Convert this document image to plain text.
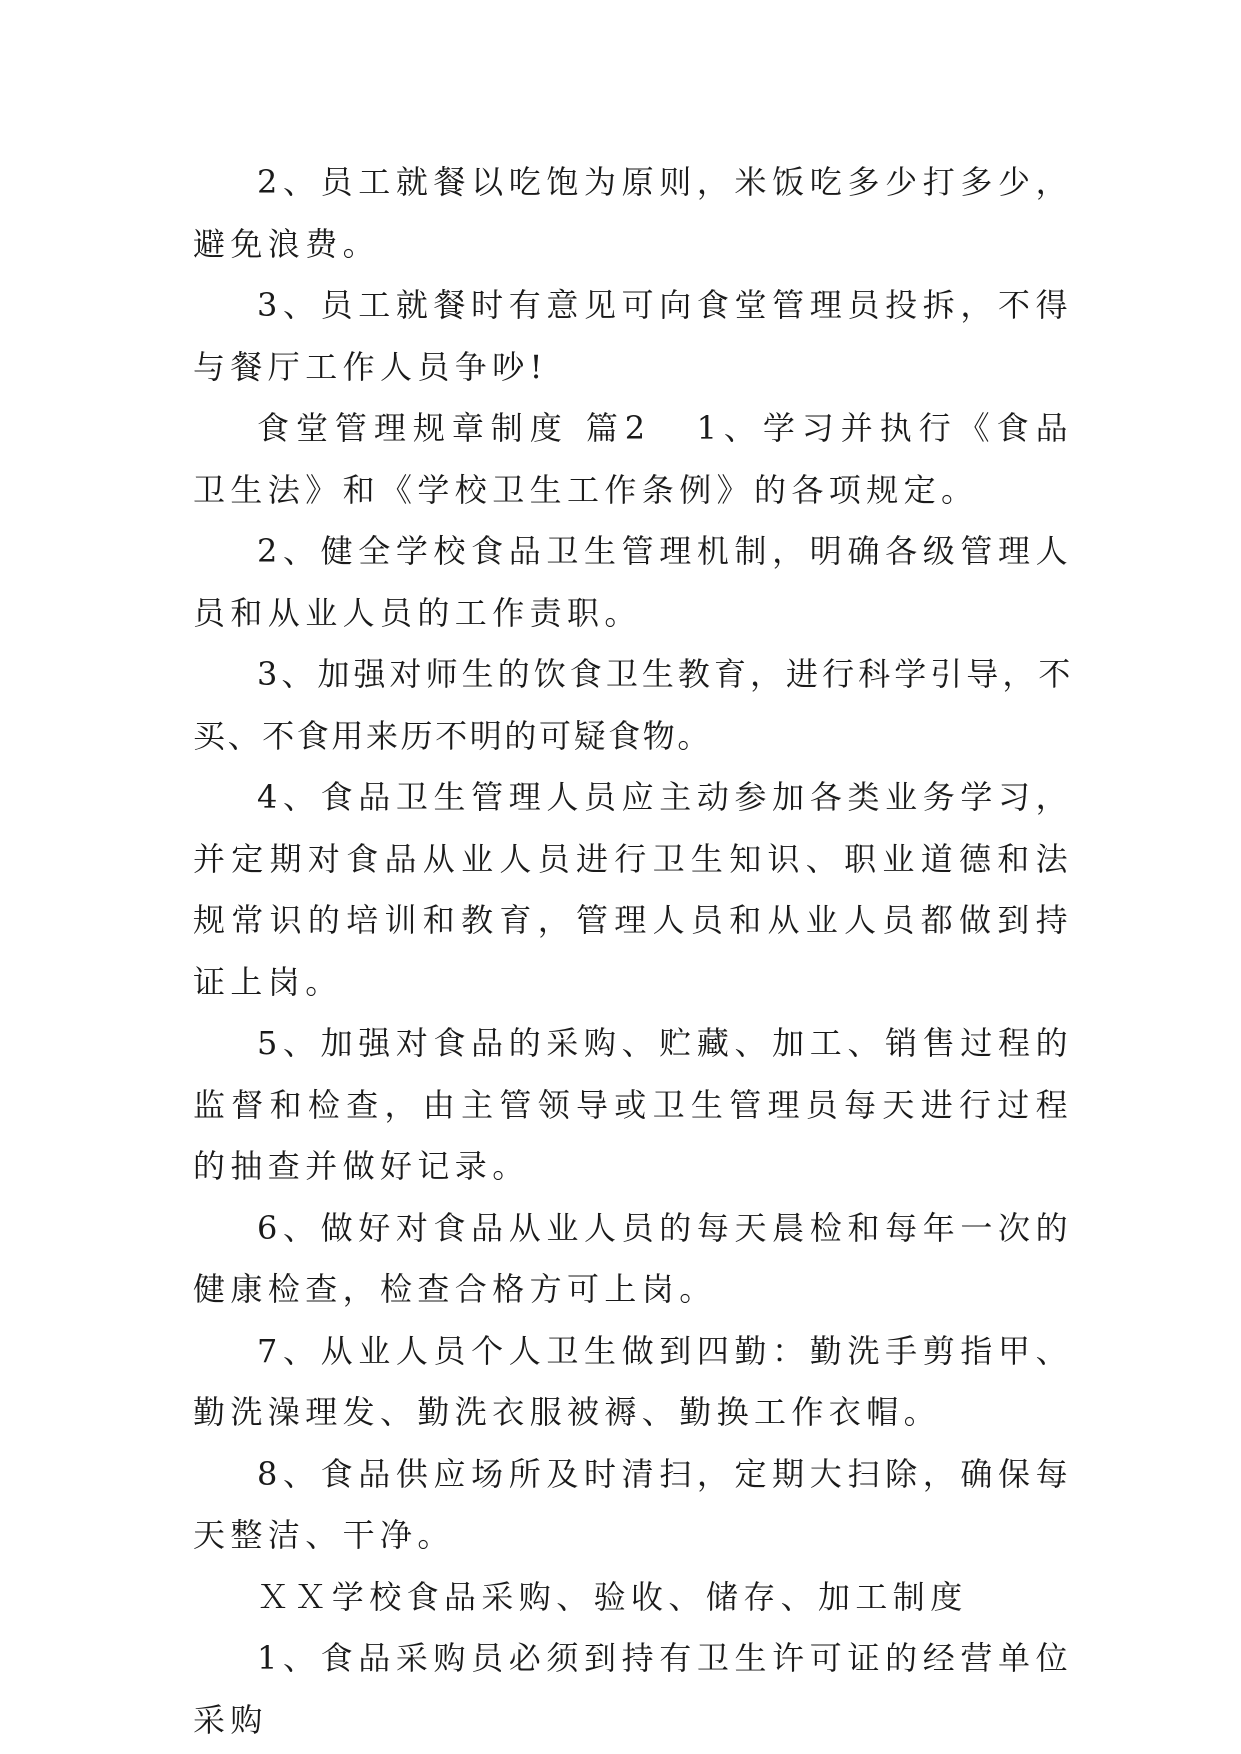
2、员工就餐以吃饱为原则，米饭吃多少打多少，避免浪费。

3、员工就餐时有意见可向食堂管理员投拆，不得与餐厅工作人员争吵!

食堂管理规章制度 篇2 1、学习并执行《食品卫生法》和《学校卫生工作条例》的各项规定。

2、健全学校食品卫生管理机制，明确各级管理人员和从业人员的工作责职。

3、加强对师生的饮食卫生教育，进行科学引导，不买、不食用来历不明的可疑食物。

4、食品卫生管理人员应主动参加各类业务学习，并定期对食品从业人员进行卫生知识、职业道德和法规常识的培训和教育，管理人员和从业人员都做到持证上岗。

5、加强对食品的采购、贮藏、加工、销售过程的监督和检查，由主管领导或卫生管理员每天进行过程的抽查并做好记录。

6、做好对食品从业人员的每天晨检和每年一次的健康检查，检查合格方可上岗。

7、从业人员个人卫生做到四勤：勤洗手剪指甲、勤洗澡理发、勤洗衣服被褥、勤换工作衣帽。

8、食品供应场所及时清扫，定期大扫除，确保每天整洁、干净。

ＸＸ学校食品采购、验收、储存、加工制度

1、食品采购员必须到持有卫生许可证的经营单位采购
